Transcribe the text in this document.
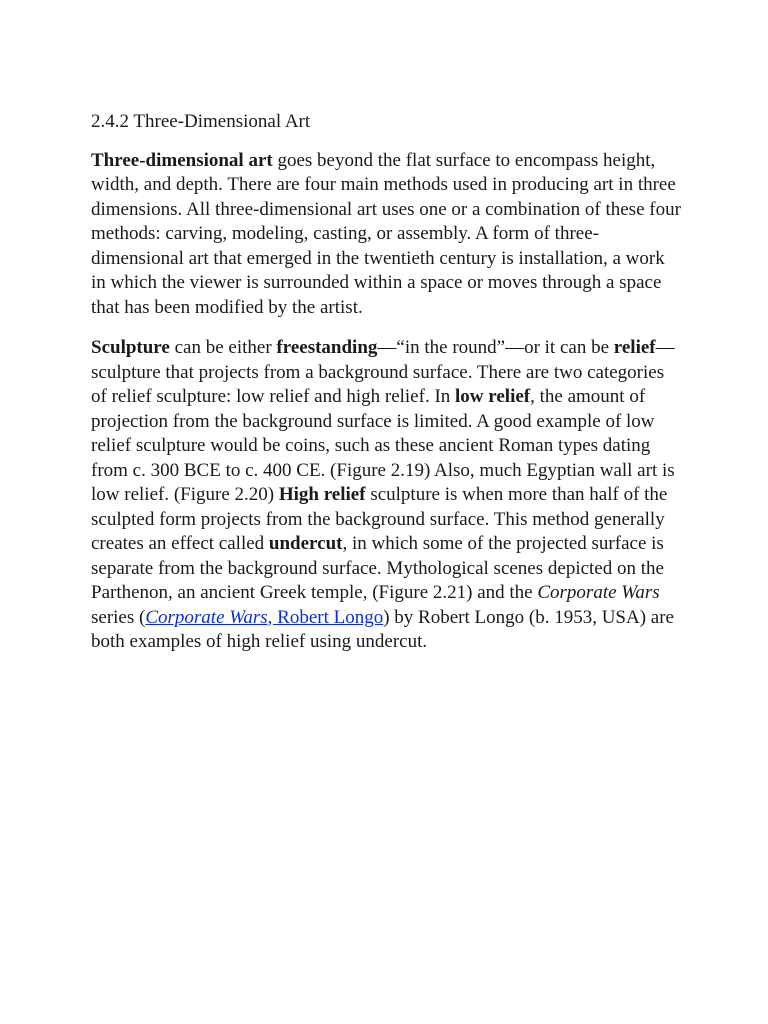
2.4.2 Three-Dimensional Art

Three-dimensional art goes beyond the flat surface to encompass height, width, and depth. There are four main methods used in producing art in three dimensions. All three-dimensional art uses one or a combination of these four methods: carving, modeling, casting, or assembly. A form of three-dimensional art that emerged in the twentieth century is installation, a work in which the viewer is surrounded within a space or moves through a space that has been modified by the artist.

Sculpture can be either freestanding—“in the round”—or it can be relief—sculpture that projects from a background surface. There are two categories of relief sculpture: low relief and high relief. In low relief, the amount of projection from the background surface is limited. A good example of low relief sculpture would be coins, such as these ancient Roman types dating from c. 300 BCE to c. 400 CE. (Figure 2.19) Also, much Egyptian wall art is low relief. (Figure 2.20) High relief sculpture is when more than half of the sculpted form projects from the background surface. This method generally creates an effect called undercut, in which some of the projected surface is separate from the background surface. Mythological scenes depicted on the Parthenon, an ancient Greek temple, (Figure 2.21) and the Corporate Wars series (Corporate Wars, Robert Longo) by Robert Longo (b. 1953, USA) are both examples of high relief using undercut.
